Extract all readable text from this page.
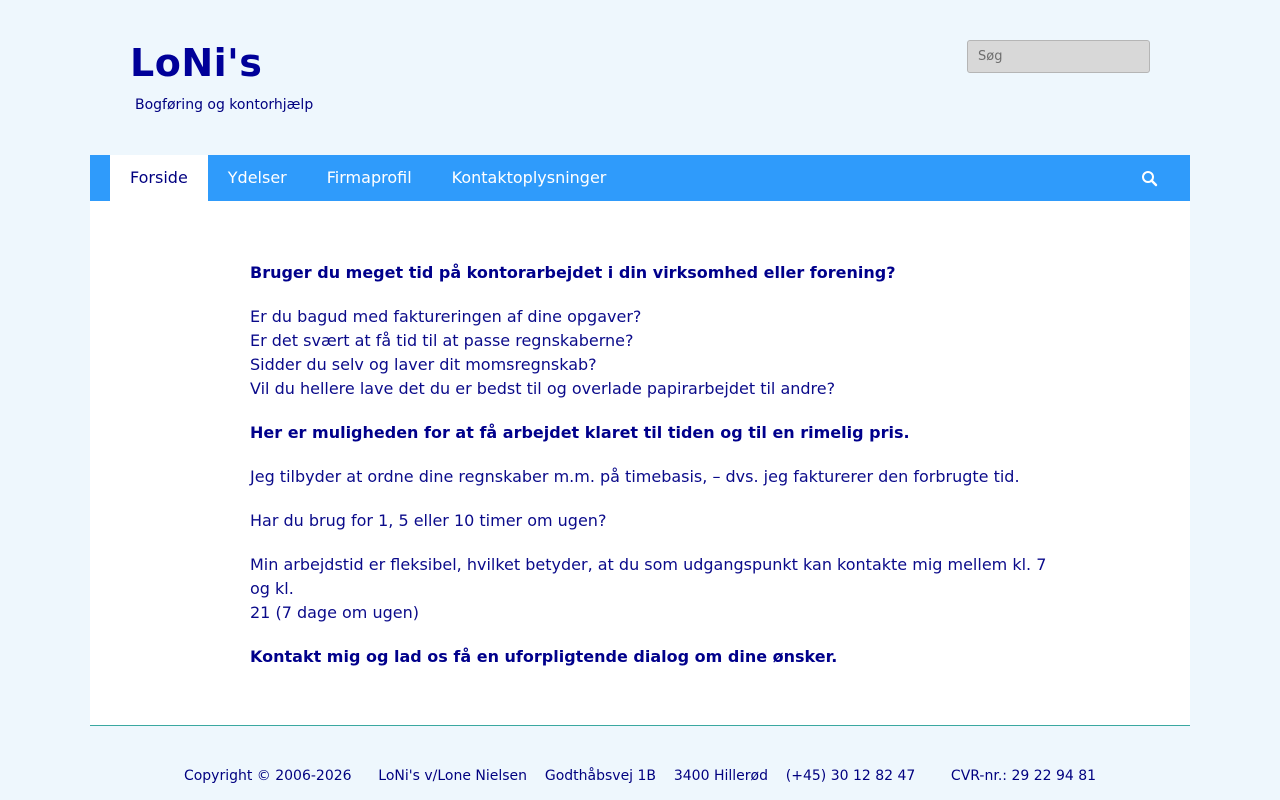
LoNi's
Bogføring og kontorhjælp
Søg
Forside	Ydelser	Firmaprofil	Kontaktoplysninger

Bruger du meget tid på kontorarbejdet i din virksomhed eller forening?

Er du bagud med faktureringen af dine opgaver?
Er det svært at få tid til at passe regnskaberne?
Sidder du selv og laver dit momsregnskab?
Vil du hellere lave det du er bedst til og overlade papirarbejdet til andre?

Her er muligheden for at få arbejdet klaret til tiden og til en rimelig pris.

Jeg tilbyder at ordne dine regnskaber m.m. på timebasis, – dvs. jeg fakturerer den forbrugte tid.

Har du brug for 1, 5 eller 10 timer om ugen?

Min arbejdstid er fleksibel, hvilket betyder, at du som udgangspunkt kan kontakte mig mellem kl. 7 og kl.
21 (7 dage om ugen)

Kontakt mig og lad os få en uforpligtende dialog om dine ønsker.

Copyright © 2006-2026 LoNi's v/Lone Nielsen Godthåbsvej 1B 3400 Hillerød (+45) 30 12 82 47	CVR-nr.: 29 22 94 81
